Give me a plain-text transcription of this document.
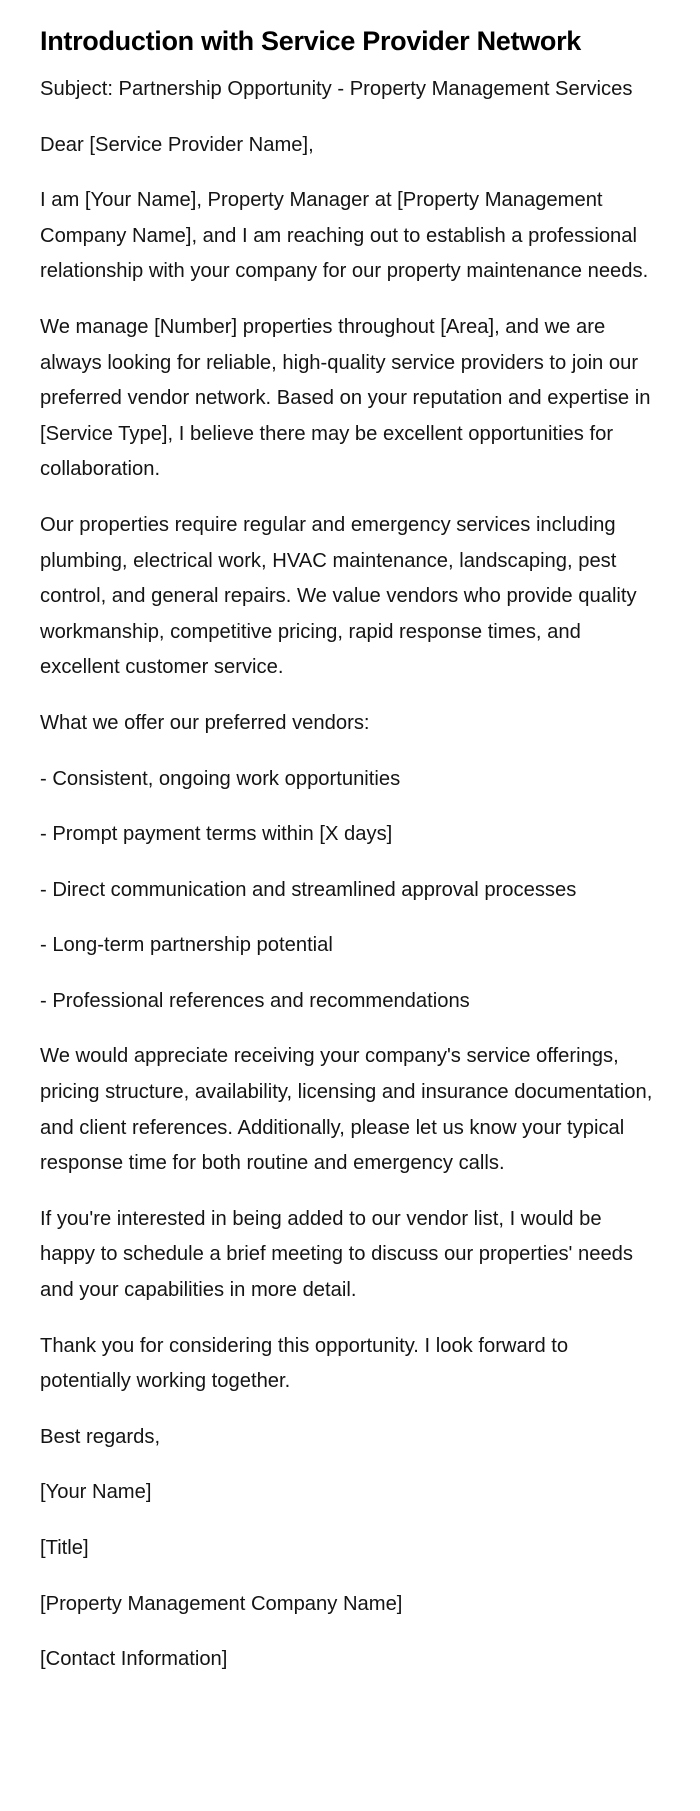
Introduction with Service Provider Network

Subject: Partnership Opportunity - Property Management Services

Dear [Service Provider Name],

I am [Your Name], Property Manager at [Property Management Company Name], and I am reaching out to establish a professional relationship with your company for our property maintenance needs.

We manage [Number] properties throughout [Area], and we are always looking for reliable, high-quality service providers to join our preferred vendor network. Based on your reputation and expertise in [Service Type], I believe there may be excellent opportunities for collaboration.

Our properties require regular and emergency services including plumbing, electrical work, HVAC maintenance, landscaping, pest control, and general repairs. We value vendors who provide quality workmanship, competitive pricing, rapid response times, and excellent customer service.

What we offer our preferred vendors:

- Consistent, ongoing work opportunities

- Prompt payment terms within [X days]

- Direct communication and streamlined approval processes

- Long-term partnership potential

- Professional references and recommendations

We would appreciate receiving your company's service offerings, pricing structure, availability, licensing and insurance documentation, and client references. Additionally, please let us know your typical response time for both routine and emergency calls.

If you're interested in being added to our vendor list, I would be happy to schedule a brief meeting to discuss our properties' needs and your capabilities in more detail.

Thank you for considering this opportunity. I look forward to potentially working together.

Best regards,

[Your Name]

[Title]

[Property Management Company Name]

[Contact Information]
